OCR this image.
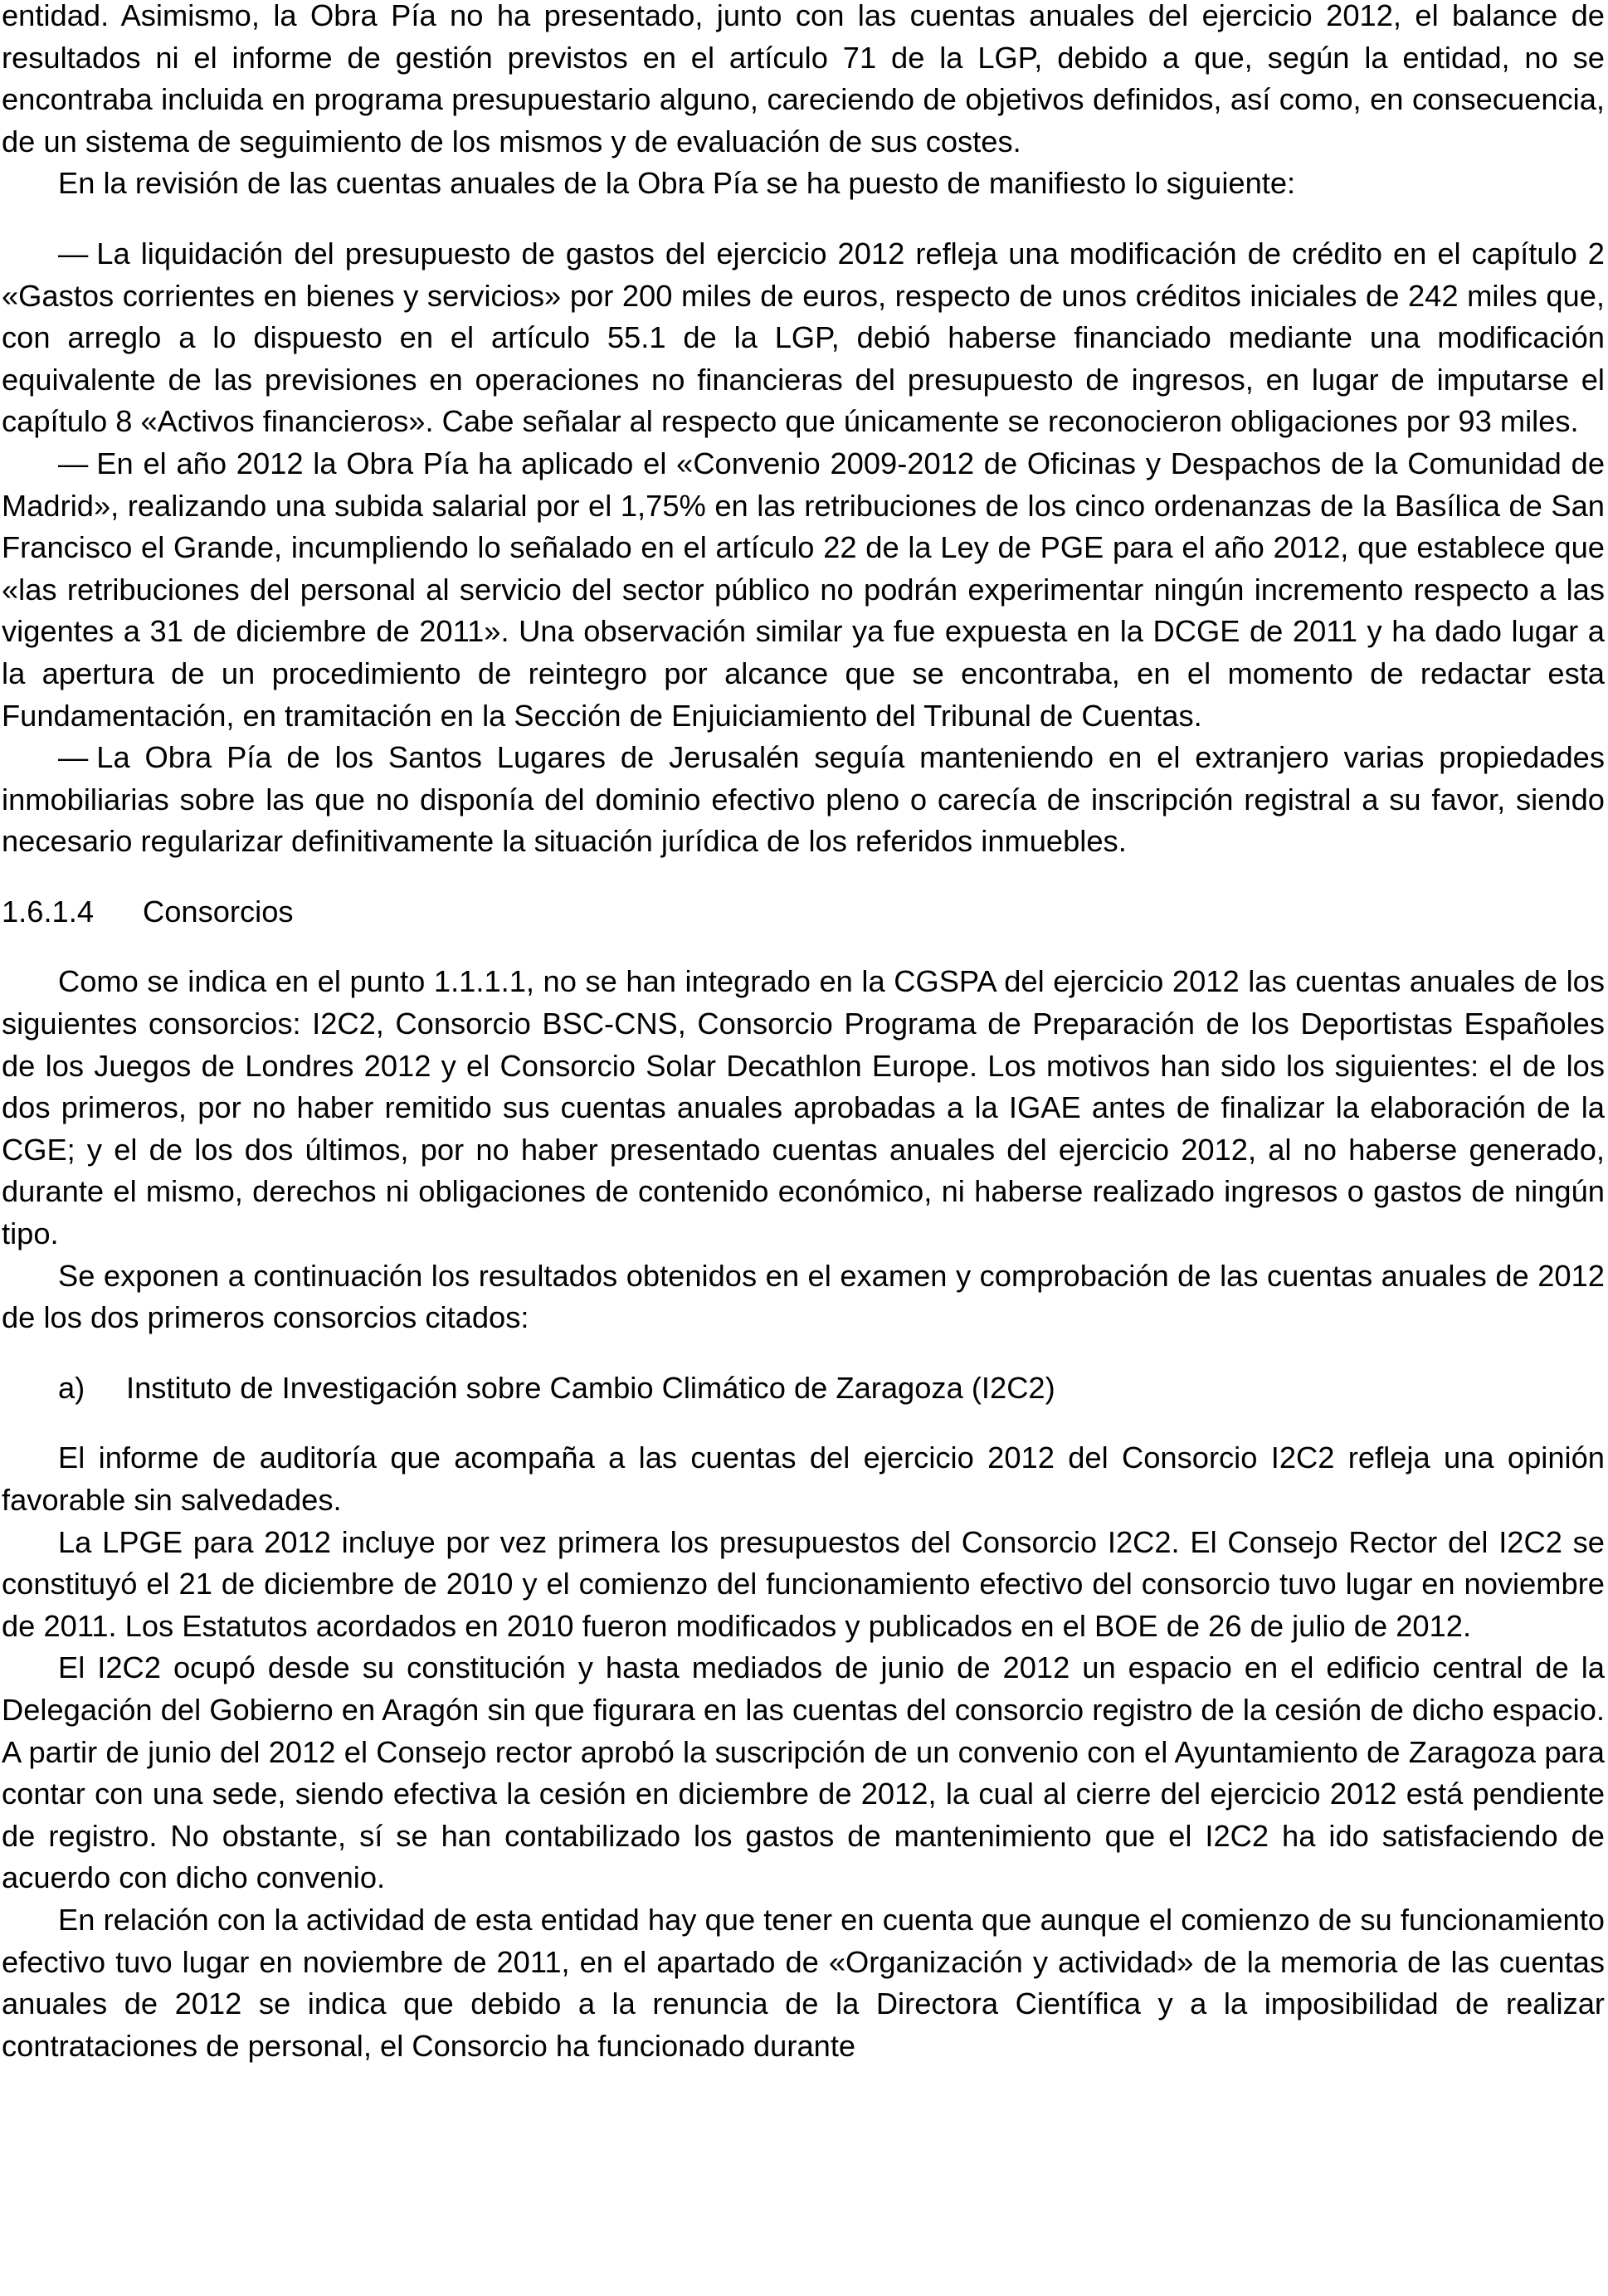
entidad. Asimismo, la Obra Pía no ha presentado, junto con las cuentas anuales del ejercicio 2012, el balance de resultados ni el informe de gestión previstos en el artículo 71 de la LGP, debido a que, según la entidad, no se encontraba incluida en programa presupuestario alguno, careciendo de objetivos definidos, así como, en consecuencia, de un sistema de seguimiento de los mismos y de evaluación de sus costes.

En la revisión de las cuentas anuales de la Obra Pía se ha puesto de manifiesto lo siguiente:

— La liquidación del presupuesto de gastos del ejercicio 2012 refleja una modificación de crédito en el capítulo 2 «Gastos corrientes en bienes y servicios» por 200 miles de euros, respecto de unos créditos iniciales de 242 miles que, con arreglo a lo dispuesto en el artículo 55.1 de la LGP, debió haberse financiado mediante una modificación equivalente de las previsiones en operaciones no financieras del presupuesto de ingresos, en lugar de imputarse el capítulo 8 «Activos financieros». Cabe señalar al respecto que únicamente se reconocieron obligaciones por 93 miles.

— En el año 2012 la Obra Pía ha aplicado el «Convenio 2009-2012 de Oficinas y Despachos de la Comunidad de Madrid», realizando una subida salarial por el 1,75% en las retribuciones de los cinco ordenanzas de la Basílica de San Francisco el Grande, incumpliendo lo señalado en el artículo 22 de la Ley de PGE para el año 2012, que establece que «las retribuciones del personal al servicio del sector público no podrán experimentar ningún incremento respecto a las vigentes a 31 de diciembre de 2011». Una observación similar ya fue expuesta en la DCGE de 2011 y ha dado lugar a la apertura de un procedimiento de reintegro por alcance que se encontraba, en el momento de redactar esta Fundamentación, en tramitación en la Sección de Enjuiciamiento del Tribunal de Cuentas.

— La Obra Pía de los Santos Lugares de Jerusalén seguía manteniendo en el extranjero varias propiedades inmobiliarias sobre las que no disponía del dominio efectivo pleno o carecía de inscripción registral a su favor, siendo necesario regularizar definitivamente la situación jurídica de los referidos inmuebles.

1.6.1.4 Consorcios

Como se indica en el punto 1.1.1.1, no se han integrado en la CGSPA del ejercicio 2012 las cuentas anuales de los siguientes consorcios: I2C2, Consorcio BSC-CNS, Consorcio Programa de Preparación de los Deportistas Españoles de los Juegos de Londres 2012 y el Consorcio Solar Decathlon Europe. Los motivos han sido los siguientes: el de los dos primeros, por no haber remitido sus cuentas anuales aprobadas a la IGAE antes de finalizar la elaboración de la CGE; y el de los dos últimos, por no haber presentado cuentas anuales del ejercicio 2012, al no haberse generado, durante el mismo, derechos ni obligaciones de contenido económico, ni haberse realizado ingresos o gastos de ningún tipo.

Se exponen a continuación los resultados obtenidos en el examen y comprobación de las cuentas anuales de 2012 de los dos primeros consorcios citados:

a) Instituto de Investigación sobre Cambio Climático de Zaragoza (I2C2)

El informe de auditoría que acompaña a las cuentas del ejercicio 2012 del Consorcio I2C2 refleja una opinión favorable sin salvedades.

La LPGE para 2012 incluye por vez primera los presupuestos del Consorcio I2C2. El Consejo Rector del I2C2 se constituyó el 21 de diciembre de 2010 y el comienzo del funcionamiento efectivo del consorcio tuvo lugar en noviembre de 2011. Los Estatutos acordados en 2010 fueron modificados y publicados en el BOE de 26 de julio de 2012.

El I2C2 ocupó desde su constitución y hasta mediados de junio de 2012 un espacio en el edificio central de la Delegación del Gobierno en Aragón sin que figurara en las cuentas del consorcio registro de la cesión de dicho espacio. A partir de junio del 2012 el Consejo rector aprobó la suscripción de un convenio con el Ayuntamiento de Zaragoza para contar con una sede, siendo efectiva la cesión en diciembre de 2012, la cual al cierre del ejercicio 2012 está pendiente de registro. No obstante, sí se han contabilizado los gastos de mantenimiento que el I2C2 ha ido satisfaciendo de acuerdo con dicho convenio.

En relación con la actividad de esta entidad hay que tener en cuenta que aunque el comienzo de su funcionamiento efectivo tuvo lugar en noviembre de 2011, en el apartado de «Organización y actividad» de la memoria de las cuentas anuales de 2012 se indica que debido a la renuncia de la Directora Científica y a la imposibilidad de realizar contrataciones de personal, el Consorcio ha funcionado durante
